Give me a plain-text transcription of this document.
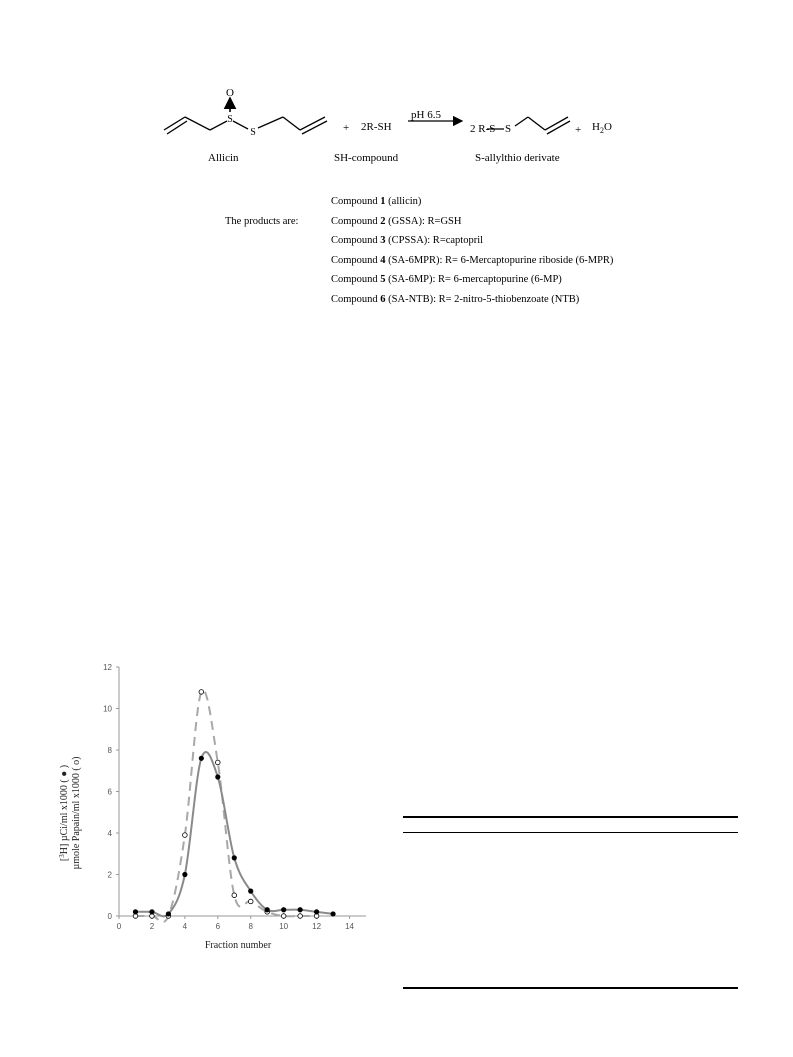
O
S
S	+ 2R-SH
pH 6.5
2 R-S S	+ $H_2O$
Allicin	SH-compound	S-allylthio derivate
The products are:
Compound 1 (allicin)
Compound 2 (GSSA): R=GSH
Compound 3 (CPSSA): R=captopril
Compound 4 (SA-6MPR): R= 6-Mercaptopurine riboside (6-MPR)
Compound 5 (SA-6MP): R= 6-mercaptopurine (6-MP)
Compound 6 (SA-NTB): R= 2-nitro-5-thiobenzoate (NTB)
0	2	4	6	8	10	12	14
0
2
4
6
8
10
12
Fraction number
[$^3$H] µCi/ml x1000 ( ● ) µmole Papain/ml x1000 ( o)
